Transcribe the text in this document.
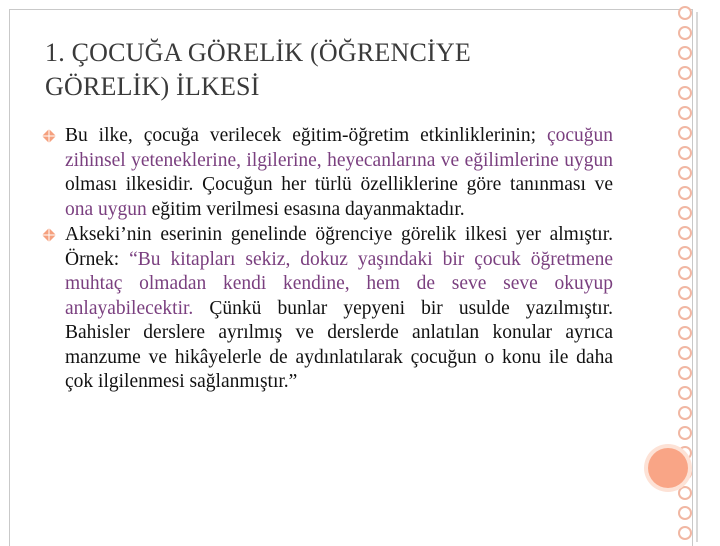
1. ÇOCUĞA GÖRELİK (ÖĞRENCİYE
GÖRELİK) İLKESİ
Bu ilke, çocuğa verilecek eğitim-öğretim etkinliklerinin; çocuğun zihinsel yeteneklerine, ilgilerine, heyecanlarına ve eğilimlerine uygun olması ilkesidir. Çocuğun her türlü özelliklerine göre tanınması ve ona uygun eğitim verilmesi esasına dayanmaktadır.
Akseki’nin eserinin genelinde öğrenciye görelik ilkesi yer almıştır. Örnek: “Bu kitapları sekiz, dokuz yaşındaki bir çocuk öğretmene muhtaç olmadan kendi kendine, hem de seve seve okuyup anlayabilecektir. Çünkü bunlar yepyeni bir usulde yazılmıştır. Bahisler derslere ayrılmış ve derslerde anlatılan konular ayrıca manzume ve hikâyelerle de aydınlatılarak çocuğun o konu ile daha çok ilgilenmesi sağlanmıştır.”
